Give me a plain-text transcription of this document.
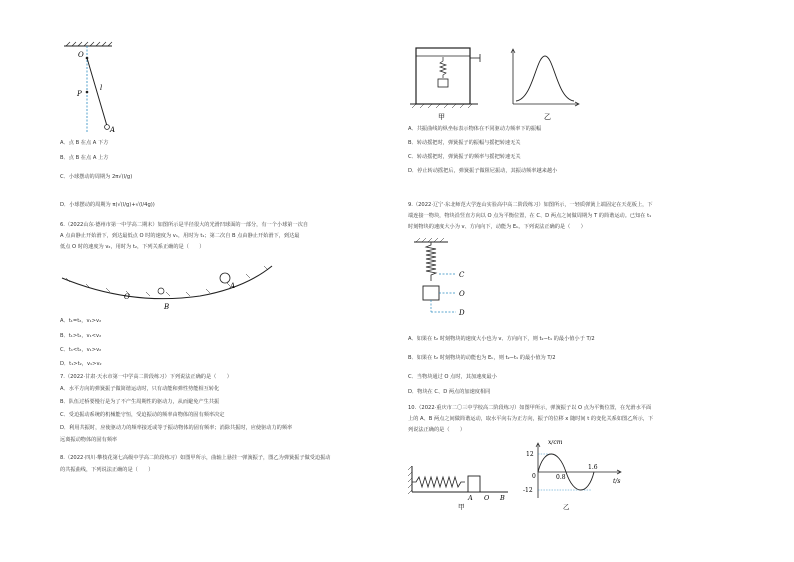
O
P
l
A
A．点 B 在点 A 下方
B．点 B 在点 A 上方
C．小球摆动的周期为 2π√(l/g)
D．小球摆动的周期为 π(√(l/g)+√(l/4g))
6.（2022山东·德州市第一中学高二期末）如图所示是半径很大的光滑凹球面的一部分，有一个小球第一次自
A 点由静止开始滑下，到达最低点 O 时的速度为 v₁，用时为 t₁；第二次自 B 点由静止开始滑下，到达最
低点 O 时的速度为 v₂，用时为 t₂，下列关系正确的是（　　）
O
B
A
A．t₁=t₂，v₁>v₂
B．t₁>t₂，v₁<v₂
C．t₁<t₂，v₁>v₂
D．t₁>t₂，v₁>v₂
7.（2022·甘肃·天水市第一中学高二阶段练习）下列说法正确的是（　　）
A．水平方向的弹簧振子做简谐运动时，只有动能和弹性势能相互转化
B．队伍过桥要慢行是为了不产生周期性的驱动力，从而避免产生共振
C．受迫振动系统的机械能守恒，受迫振动的频率由物体的固有频率决定
D．利用共振时，应使驱动力的频率接近或等于振动物体的固有频率；消除共振时，应使驱动力的频率
远离振动物体的固有频率
8.（2022·四川·攀枝花第七高级中学高二阶段练习）如图甲所示，曲轴上悬挂一弹簧振子，图乙为弹簧振子做受迫振动
的共振曲线，下列说法正确的是（　　）
甲	乙
A．共振曲线的纵坐标表示物体在不同驱动力频率下的振幅
B．转动摇把时，弹簧振子的振幅与摇把转速无关
C．转动摇把时，弹簧振子的频率与摇把转速无关
D．停止转动摇把后，弹簧振子做阻尼振动，其振动频率越来越小
9.（2022·辽宁·东北师范大学连山实验高中高二阶段练习）如图所示，一轻质弹簧上端固定在天花板上，下
端连接一物块，物块沿竖直方向以 O 点为平衡位置，在 C、D 两点之间做周期为 T 的简谐运动。已知在 t₁
时刻物块的速度大小为 v、方向向下，动能为 Eₖ。下列说法正确的是（　　）
C
O
D
A．如果在 t₂ 时刻物块的速度大小也为 v、方向向下，则 t₂−t₁ 的最小值小于 T/2
B．如果在 t₂ 时刻物块的动能也为 Eₖ，则 t₂−t₁ 的最小值为 T/2
C．当物块通过 O 点时，其加速度最小
D．物块在 C、D 两点的加速度相同
10.（2022·重庆市二〇三中学校高二阶段练习）如图甲所示，弹簧振子以 O 点为平衡位置，在光滑水平面
上的 A、B 两点之间做简谐运动，取水平向右为正方向，振子的位移 x 随时间 t 的变化关系如图乙所示，下
列说法正确的是（　　）
A O B
甲
x/cm
t/s
12
-12
0.8
1.6
0
乙
